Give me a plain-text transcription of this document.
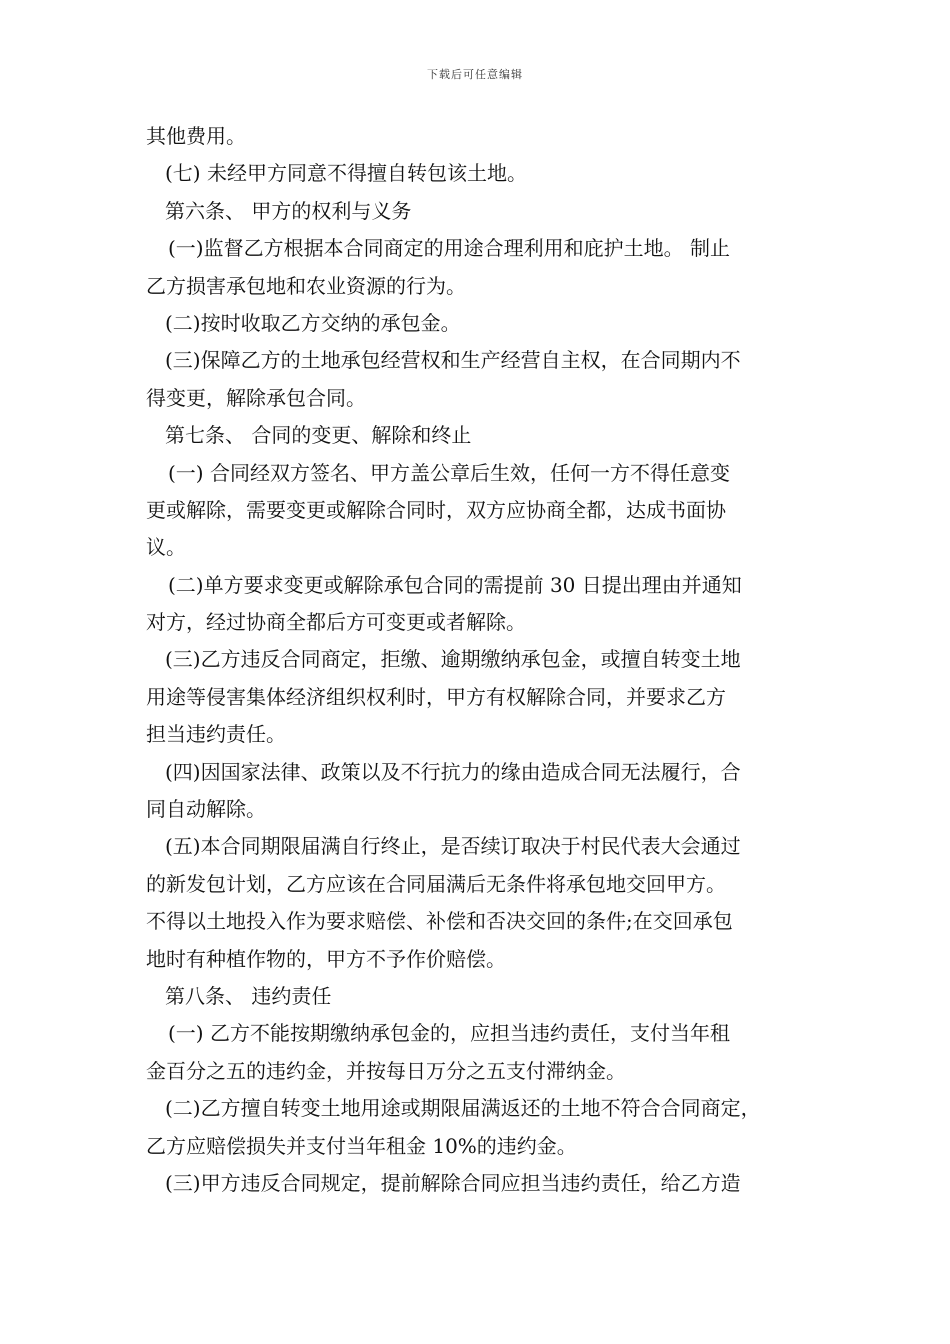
下载后可任意编辑
其他费用。
(七) 未经甲方同意不得擅自转包该土地。
第六条、 甲方的权利与义务
(一)监督乙方根据本合同商定的用途合理利用和庇护土地。 制止
乙方损害承包地和农业资源的行为。
(二)按时收取乙方交纳的承包金。
(三)保障乙方的土地承包经营权和生产经营自主权，在合同期内不
得变更，解除承包合同。
第七条、 合同的变更、解除和终止
(一) 合同经双方签名、甲方盖公章后生效，任何一方不得任意变
更或解除，需要变更或解除合同时，双方应协商全都，达成书面协
议。
(二)单方要求变更或解除承包合同的需提前 30 日提出理由并通知
对方，经过协商全都后方可变更或者解除。
(三)乙方违反合同商定，拒缴、逾期缴纳承包金，或擅自转变土地
用途等侵害集体经济组织权利时，甲方有权解除合同，并要求乙方
担当违约责任。
(四)因国家法律、政策以及不行抗力的缘由造成合同无法履行，合
同自动解除。
(五)本合同期限届满自行终止，是否续订取决于村民代表大会通过
的新发包计划，乙方应该在合同届满后无条件将承包地交回甲方。
不得以土地投入作为要求赔偿、补偿和否决交回的条件;在交回承包
地时有种植作物的，甲方不予作价赔偿。
第八条、 违约责任
(一) 乙方不能按期缴纳承包金的，应担当违约责任，支付当年租
金百分之五的违约金，并按每日万分之五支付滞纳金。
(二)乙方擅自转变土地用途或期限届满返还的土地不符合合同商定，
乙方应赔偿损失并支付当年租金 10%的违约金。
(三)甲方违反合同规定，提前解除合同应担当违约责任，给乙方造
